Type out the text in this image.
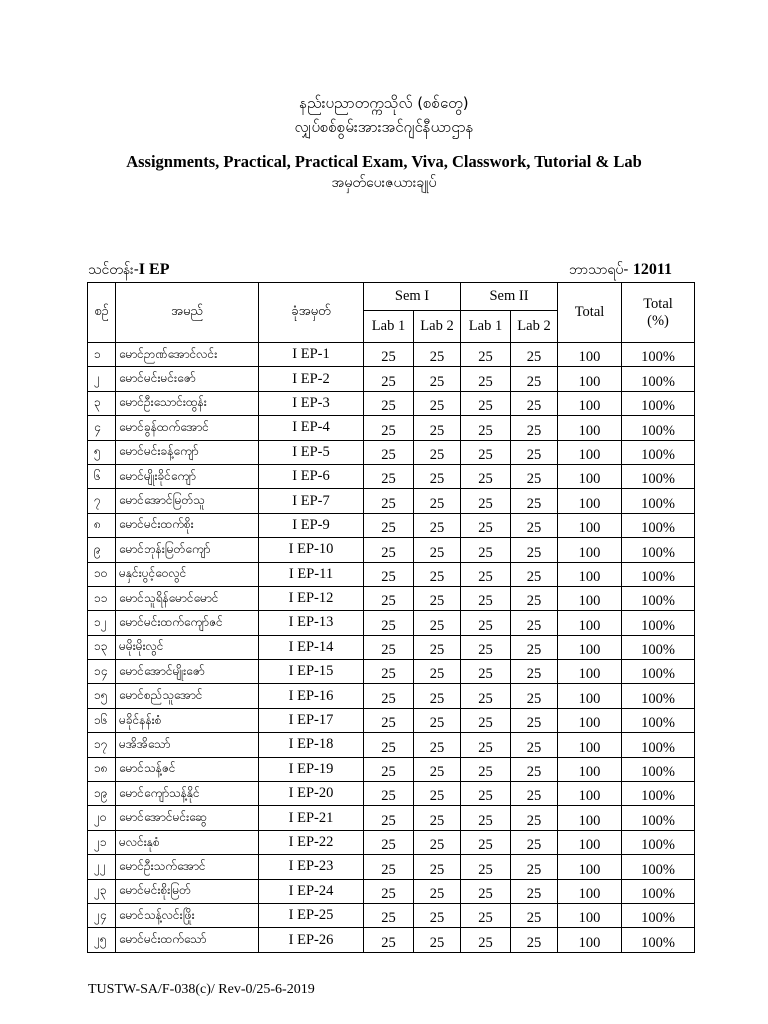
နည်းပညာတက္ကသိုလ် (စစ်တွေ)
လျှပ်စစ်စွမ်းအားအင်ဂျင်နီယာဌာန
Assignments, Practical, Practical Exam, Viva, Classwork, Tutorial & Lab
အမှတ်ပေးဇယားချုပ်
သင်တန်း-I EP	ဘာသာရပ်- 12011
စဉ်	အမည်	ခုံအမှတ်	Sem I		Sem II		Total	Total (%)
			Lab 1	Lab 2	Lab 1	Lab 2		
၁	မောင်ဉာဏ်အောင်လင်း	I EP-1	25	25	25	25	100	100%
၂	မောင်မင်းမင်းဇော်	I EP-2	25	25	25	25	100	100%
၃	မောင်ဦးသောင်းထွန်း	I EP-3	25	25	25	25	100	100%
၄	မောင်ခွန်ထက်အောင်	I EP-4	25	25	25	25	100	100%
၅	မောင်မင်းခန့်ကျော်	I EP-5	25	25	25	25	100	100%
၆	မောင်မျိုးခိုင်ကျော်	I EP-6	25	25	25	25	100	100%
၇	မောင်အောင်မြတ်သူ	I EP-7	25	25	25	25	100	100%
၈	မောင်မင်းထက်စိုး	I EP-9	25	25	25	25	100	100%
၉	မောင်ဘုန်းမြတ်ကျော်	I EP-10	25	25	25	25	100	100%
၁၀	မနှင်းပွင့်ဝေလွင်	I EP-11	25	25	25	25	100	100%
၁၁	မောင်သူရိန်မောင်မောင်	I EP-12	25	25	25	25	100	100%
၁၂	မောင်မင်းထက်ကျော်ဇင်	I EP-13	25	25	25	25	100	100%
၁၃	မမိုးမိုးလွင်	I EP-14	25	25	25	25	100	100%
၁၄	မောင်အောင်မျိုးဇော်	I EP-15	25	25	25	25	100	100%
၁၅	မောင်စည်သူအောင်	I EP-16	25	25	25	25	100	100%
၁၆	မခိုင်နန်းစံ	I EP-17	25	25	25	25	100	100%
၁၇	မအိအိသော်	I EP-18	25	25	25	25	100	100%
၁၈	မောင်သန့်ဇင်	I EP-19	25	25	25	25	100	100%
၁၉	မောင်ကျော်သန့်နိုင်	I EP-20	25	25	25	25	100	100%
၂၀	မောင်အောင်မင်းဆွေ	I EP-21	25	25	25	25	100	100%
၂၁	မလင်းနုစံ	I EP-22	25	25	25	25	100	100%
၂၂	မောင်ဦးသက်အောင်	I EP-23	25	25	25	25	100	100%
၂၃	မောင်မင်းစိုးမြတ်	I EP-24	25	25	25	25	100	100%
၂၄	မောင်သန့်လင်းဖြိုး	I EP-25	25	25	25	25	100	100%
၂၅	မောင်မင်းထက်သော်	I EP-26	25	25	25	25	100	100%
TUSTW-SA/F-038(c)/ Rev-0/25-6-2019
